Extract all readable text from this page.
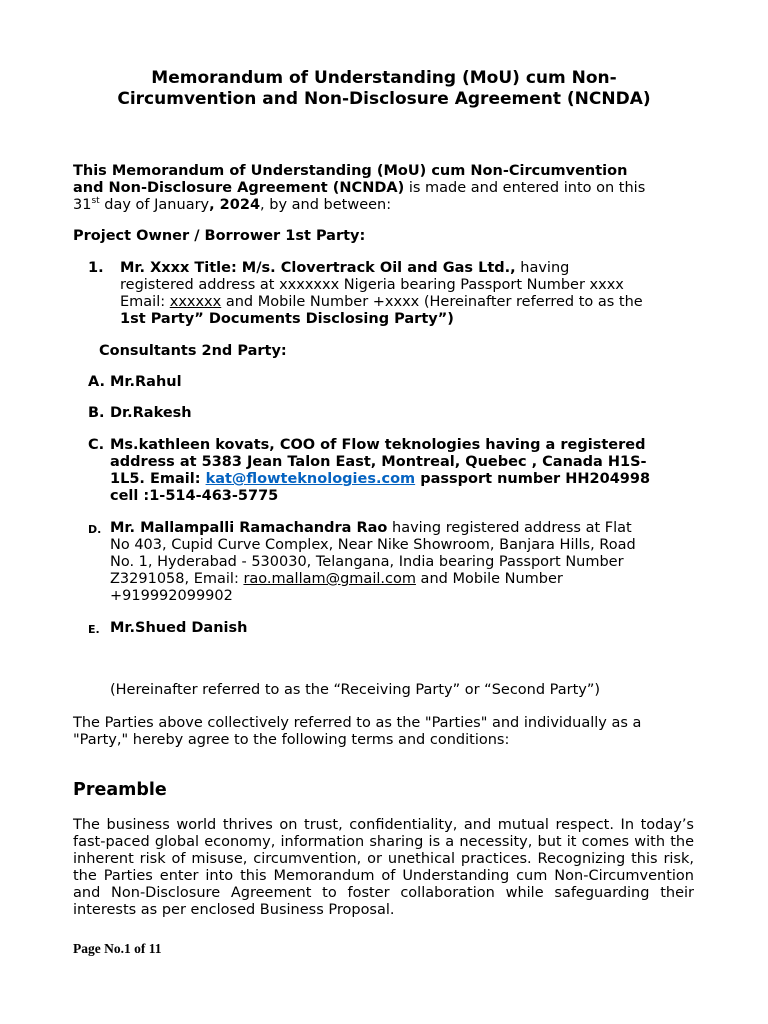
Memorandum of Understanding (MoU) cum Non-
Circumvention and Non-Disclosure Agreement (NCNDA)
This Memorandum of Understanding (MoU) cum Non-Circumvention
and Non-Disclosure Agreement (NCNDA) is made and entered into on this
31st day of January, 2024, by and between:
Project Owner / Borrower 1st Party:
1. Mr. Xxxx Title: M/s. Clovertrack Oil and Gas Ltd., having
registered address at xxxxxxx Nigeria bearing Passport Number xxxx
Email: xxxxxx and Mobile Number +xxxx (Hereinafter referred to as the
1st Party” Documents Disclosing Party”)
Consultants 2nd Party:
A. Mr.Rahul
B. Dr.Rakesh
C. Ms.kathleen kovats, COO of Flow teknologies having a registered
address at 5383 Jean Talon East, Montreal, Quebec , Canada H1S-
1L5. Email: kat@flowteknologies.com passport number HH204998
cell :1-514-463-5775
D. Mr. Mallampalli Ramachandra Rao having registered address at Flat
No 403, Cupid Curve Complex, Near Nike Showroom, Banjara Hills, Road
No. 1, Hyderabad - 530030, Telangana, India bearing Passport Number
Z3291058, Email: rao.mallam@gmail.com and Mobile Number
+919992099902
E. Mr.Shued Danish
(Hereinafter referred to as the “Receiving Party” or “Second Party”)
The Parties above collectively referred to as the "Parties" and individually as a
"Party," hereby agree to the following terms and conditions:
Preamble
The business world thrives on trust, confidentiality, and mutual respect. In today’s fast-paced global economy, information sharing is a necessity, but it comes with the inherent risk of misuse, circumvention, or unethical practices. Recognizing this risk, the Parties enter into this Memorandum of Understanding cum Non-Circumvention and Non-Disclosure Agreement to foster collaboration while safeguarding their interests as per enclosed Business Proposal.
Page No.1 of 11
